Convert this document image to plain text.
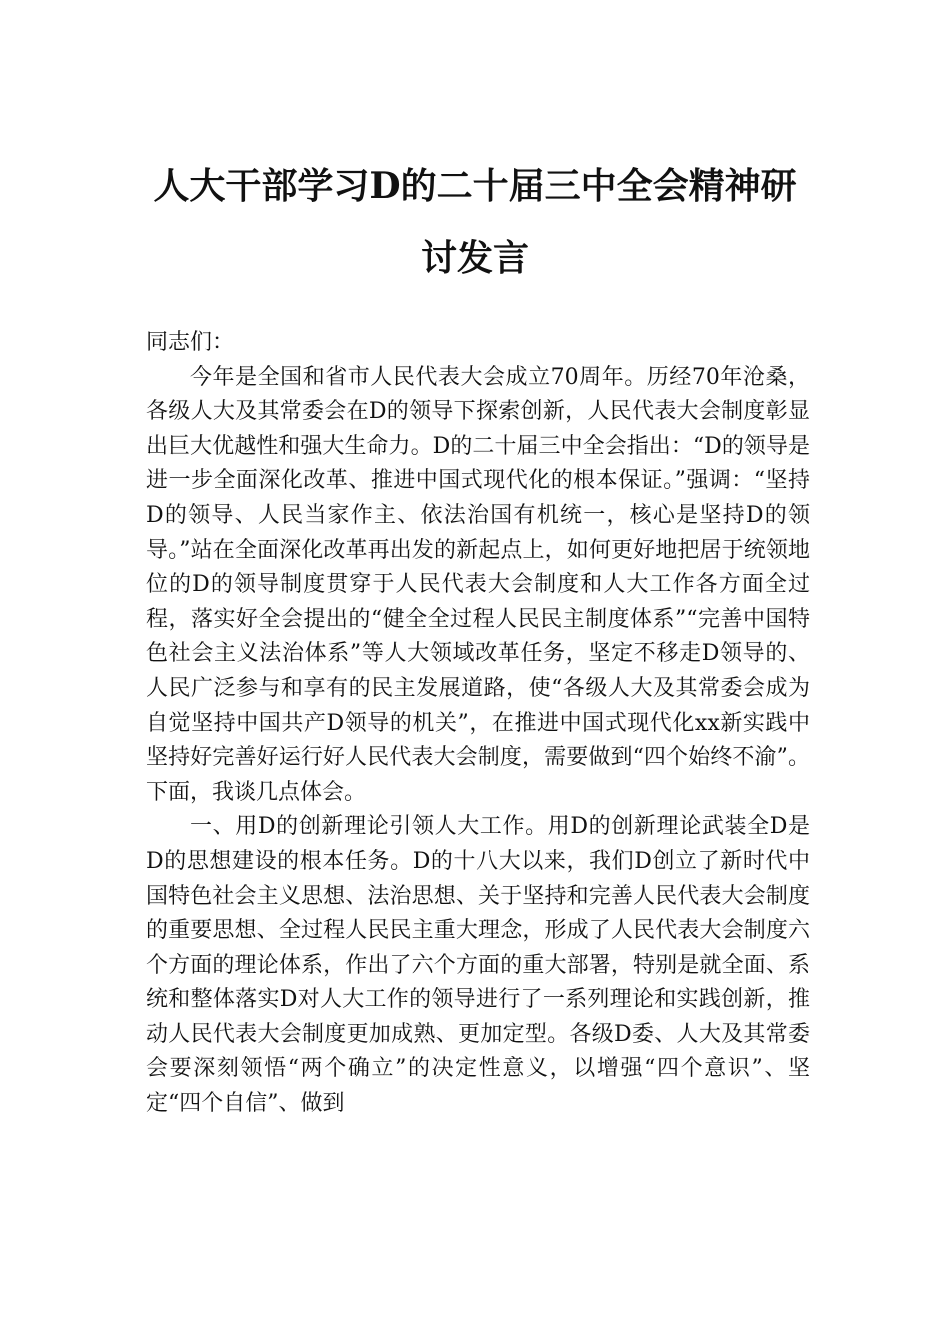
人大干部学习D的二十届三中全会精神研
讨发言

同志们：

今年是全国和省市人民代表大会成立70周年。历经70年沧桑，各级人大及其常委会在D的领导下探索创新，人民代表大会制度彰显出巨大优越性和强大生命力。D的二十届三中全会指出：“D的领导是进一步全面深化改革、推进中国式现代化的根本保证。”强调：“坚持D的领导、人民当家作主、依法治国有机统一，核心是坚持D的领导。”站在全面深化改革再出发的新起点上，如何更好地把居于统领地位的D的领导制度贯穿于人民代表大会制度和人大工作各方面全过程，落实好全会提出的“健全全过程人民民主制度体系”“完善中国特色社会主义法治体系”等人大领域改革任务，坚定不移走D领导的、人民广泛参与和享有的民主发展道路，使“各级人大及其常委会成为自觉坚持中国共产D领导的机关”，在推进中国式现代化xx新实践中坚持好完善好运行好人民代表大会制度，需要做到“四个始终不渝”。下面，我谈几点体会。

一、用D的创新理论引领人大工作。用D的创新理论武装全D是D的思想建设的根本任务。D的十八大以来，我们D创立了新时代中国特色社会主义思想、法治思想、关于坚持和完善人民代表大会制度的重要思想、全过程人民民主重大理念，形成了人民代表大会制度六个方面的理论体系，作出了六个方面的重大部署，特别是就全面、系统和整体落实D对人大工作的领导进行了一系列理论和实践创新，推动人民代表大会制度更加成熟、更加定型。各级D委、人大及其常委会要深刻领悟“两个确立”的决定性意义，以增强“四个意识”、坚定“四个自信”、做到
